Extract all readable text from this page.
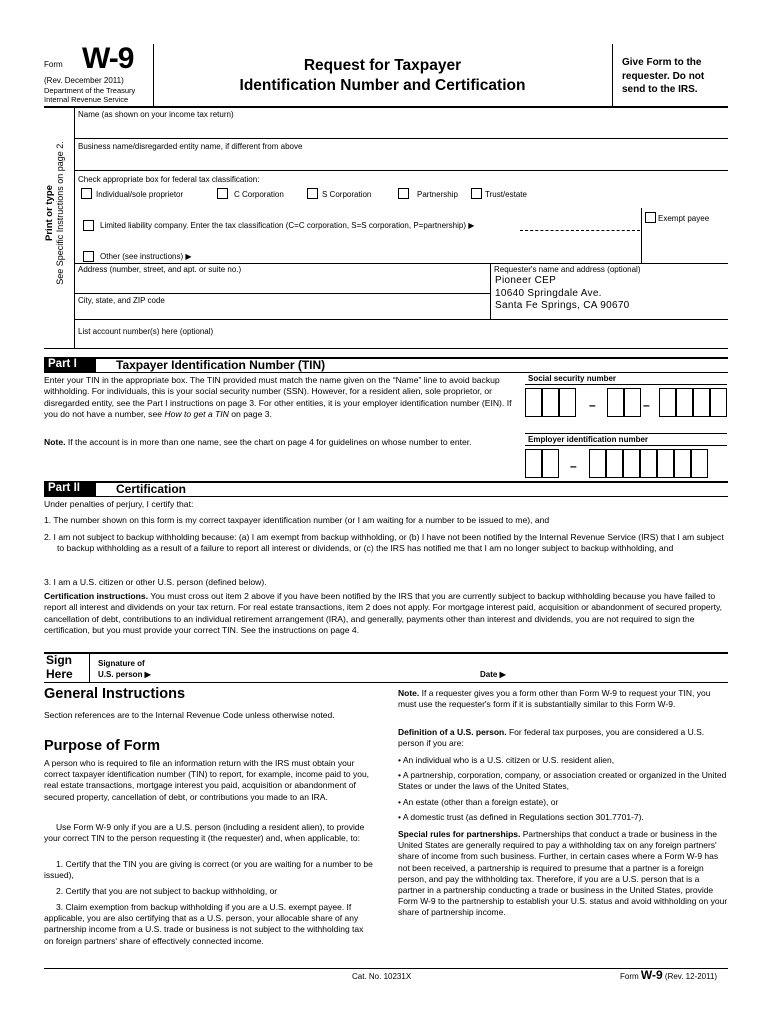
Form W-9
(Rev. December 2011)
Department of the Treasury
Internal Revenue Service
Request for Taxpayer
Identification Number and Certification
Give Form to the requester. Do not send to the IRS.
Print or type See Specific Instructions on page 2.
Name (as shown on your income tax return)
Business name/disregarded entity name, if different from above
Check appropriate box for federal tax classification:
Individual/sole proprietor	C Corporation	S Corporation	Partnership	Trust/estate
Limited liability company. Enter the tax classification (C=C corporation, S=S corporation, P=partnership) ▶
Exempt payee
Other (see instructions) ▶
Address (number, street, and apt. or suite no.)	Requester's name and address (optional)
Pioneer CEP
10640 Springdale Ave.
Santa Fe Springs, CA 90670
City, state, and ZIP code
List account number(s) here (optional)
Part I	Taxpayer Identification Number (TIN)
Enter your TIN in the appropriate box. The TIN provided must match the name given on the “Name” line to avoid backup withholding. For individuals, this is your social security number (SSN). However, for a resident alien, sole proprietor, or disregarded entity, see the Part I instructions on page 3. For other entities, it is your employer identification number (EIN). If you do not have a number, see How to get a TIN on page 3.
Note. If the account is in more than one name, see the chart on page 4 for guidelines on whose number to enter.
Social security number
–	–
Employer identification number
–
Part II	Certification
Under penalties of perjury, I certify that:
1. The number shown on this form is my correct taxpayer identification number (or I am waiting for a number to be issued to me), and
2. I am not subject to backup withholding because: (a) I am exempt from backup withholding, or (b) I have not been notified by the Internal Revenue Service (IRS) that I am subject to backup withholding as a result of a failure to report all interest or dividends, or (c) the IRS has notified me that I am no longer subject to backup withholding, and
3. I am a U.S. citizen or other U.S. person (defined below).
Certification instructions. You must cross out item 2 above if you have been notified by the IRS that you are currently subject to backup withholding because you have failed to report all interest and dividends on your tax return. For real estate transactions, item 2 does not apply. For mortgage interest paid, acquisition or abandonment of secured property, cancellation of debt, contributions to an individual retirement arrangement (IRA), and generally, payments other than interest and dividends, you are not required to sign the certification, but you must provide your correct TIN. See the instructions on page 4.
Sign
Here
Signature of
U.S. person ▶	Date ▶
General Instructions

Section references are to the Internal Revenue Code unless otherwise noted.

Purpose of Form

A person who is required to file an information return with the IRS must obtain your correct taxpayer identification number (TIN) to report, for example, income paid to you, real estate transactions, mortgage interest you paid, acquisition or abandonment of secured property, cancellation of debt, or contributions you made to an IRA.

Use Form W-9 only if you are a U.S. person (including a resident alien), to provide your correct TIN to the person requesting it (the requester) and, when applicable, to:

1. Certify that the TIN you are giving is correct (or you are waiting for a number to be issued),

2. Certify that you are not subject to backup withholding, or

3. Claim exemption from backup withholding if you are a U.S. exempt payee. If applicable, you are also certifying that as a U.S. person, your allocable share of any partnership income from a U.S. trade or business is not subject to the withholding tax on foreign partners' share of effectively connected income.

Note. If a requester gives you a form other than Form W-9 to request your TIN, you must use the requester's form if it is substantially similar to this Form W-9.

Definition of a U.S. person. For federal tax purposes, you are considered a U.S. person if you are:

• An individual who is a U.S. citizen or U.S. resident alien,

• A partnership, corporation, company, or association created or organized in the United States or under the laws of the United States,

• An estate (other than a foreign estate), or

• A domestic trust (as defined in Regulations section 301.7701-7).

Special rules for partnerships. Partnerships that conduct a trade or business in the United States are generally required to pay a withholding tax on any foreign partners' share of income from such business. Further, in certain cases where a Form W-9 has not been received, a partnership is required to presume that a partner is a foreign person, and pay the withholding tax. Therefore, if you are a U.S. person that is a partner in a partnership conducting a trade or business in the United States, provide Form W-9 to the partnership to establish your U.S. status and avoid withholding on your share of partnership income.

Cat. No. 10231X	Form W-9 (Rev. 12-2011)
